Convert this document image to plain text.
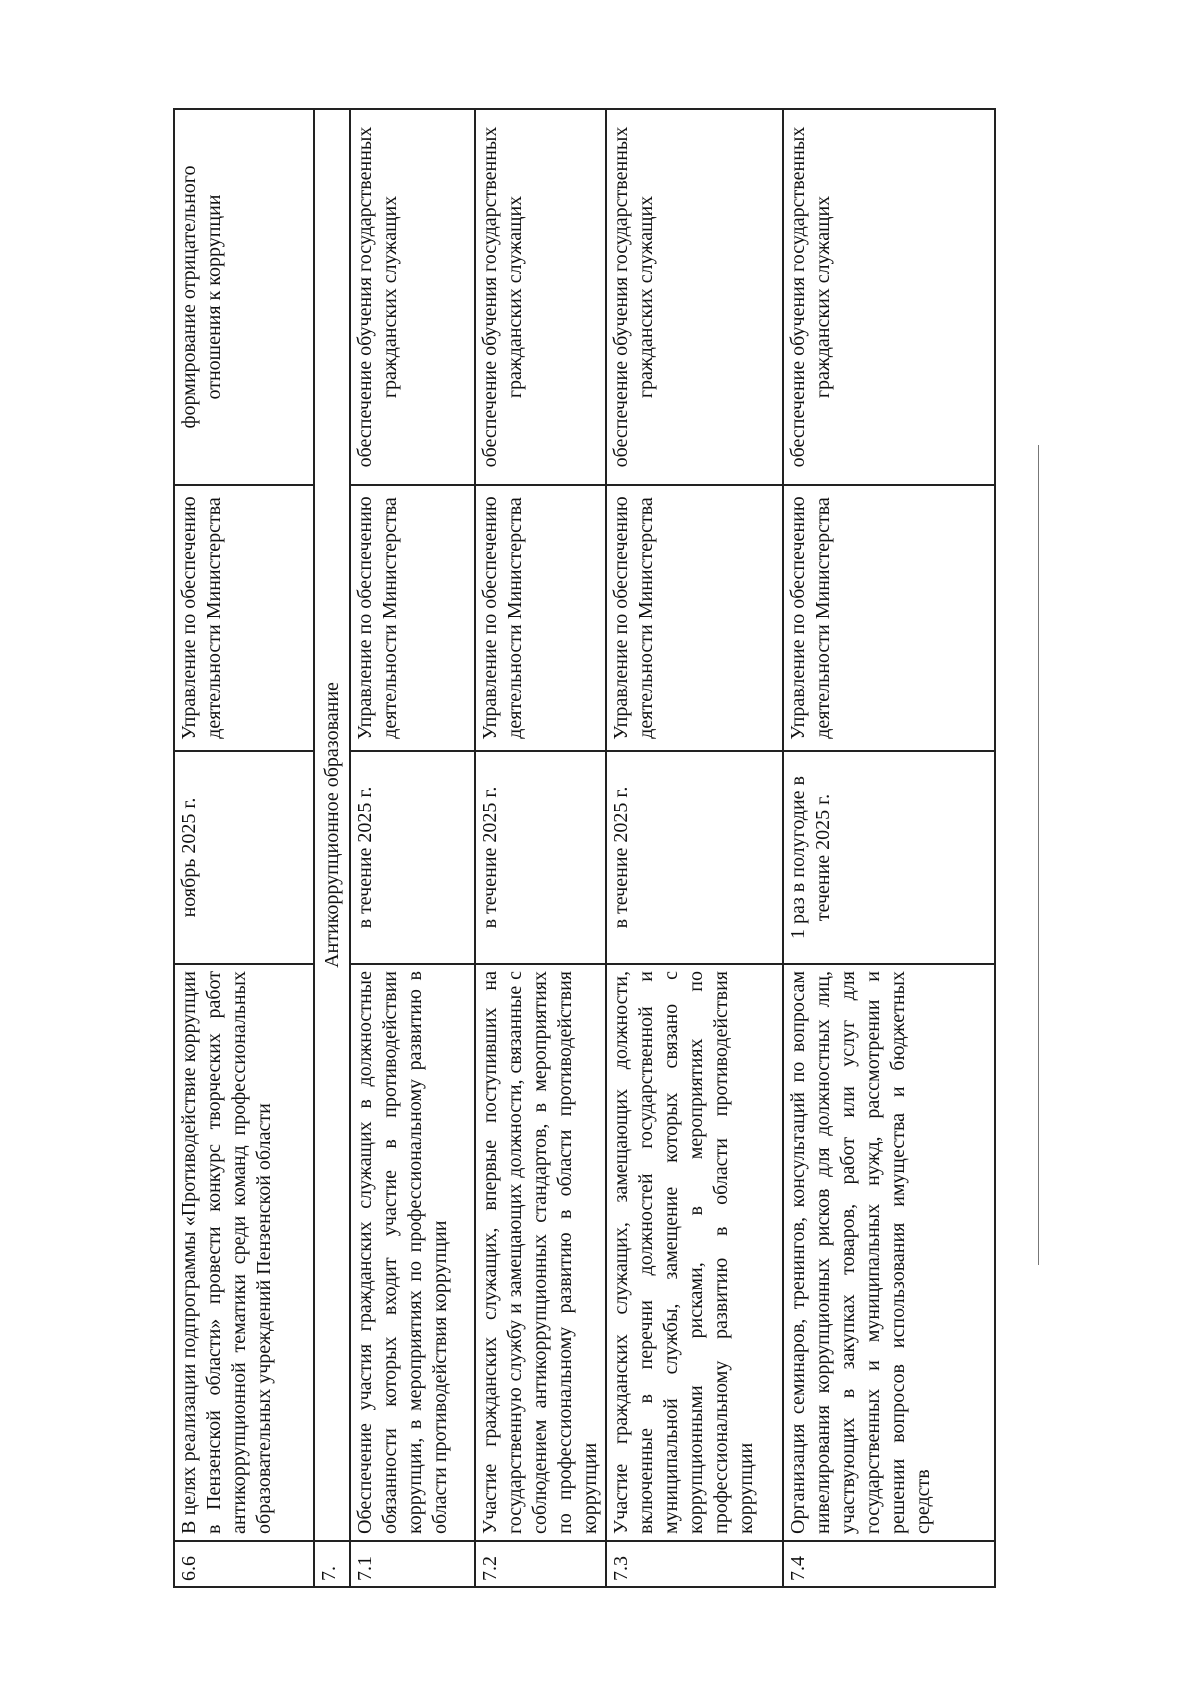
6.6	В целях реализации подпрограммы «Противодействие коррупции в Пензенской области» провести конкурс творческих работ антикоррупционной тематики среди команд профессиональных образовательных учреждений Пензенской области	ноябрь 2025 г.	Управление по обеспечению деятельности Министерства	формирование отрицательного отношения к коррупции
7.	Антикоррупционное образование			
7.1	Обеспечение участия гражданских служащих в должностные обязанности которых входит участие в противодействии коррупции, в мероприятиях по профессиональному развитию в области противодействия коррупции	в течение 2025 г.	Управление по обеспечению деятельности Министерства	обеспечение обучения государственных гражданских служащих
7.2	Участие гражданских служащих, впервые поступивших на государственную службу и замещающих должности, связанные с соблюдением антикоррупционных стандартов, в мероприятиях по профессиональному развитию в области противодействия коррупции	в течение 2025 г.	Управление по обеспечению деятельности Министерства	обеспечение обучения государственных гражданских служащих
7.3	Участие гражданских служащих, замещающих должности, включенные в перечни должностей государственной и муниципальной службы, замещение которых связано с коррупционными рисками, в мероприятиях по профессиональному развитию в области противодействия коррупции	в течение 2025 г.	Управление по обеспечению деятельности Министерства	обеспечение обучения государственных гражданских служащих
7.4	Организация семинаров, тренингов, консультаций по вопросам нивелирования коррупционных рисков для должностных лиц, участвующих в закупках товаров, работ или услуг для государственных и муниципальных нужд, рассмотрении и решении вопросов использования имущества и бюджетных средств	1 раз в полугодие в течение 2025 г.	Управление по обеспечению деятельности Министерства	обеспечение обучения государственных гражданских служащих
